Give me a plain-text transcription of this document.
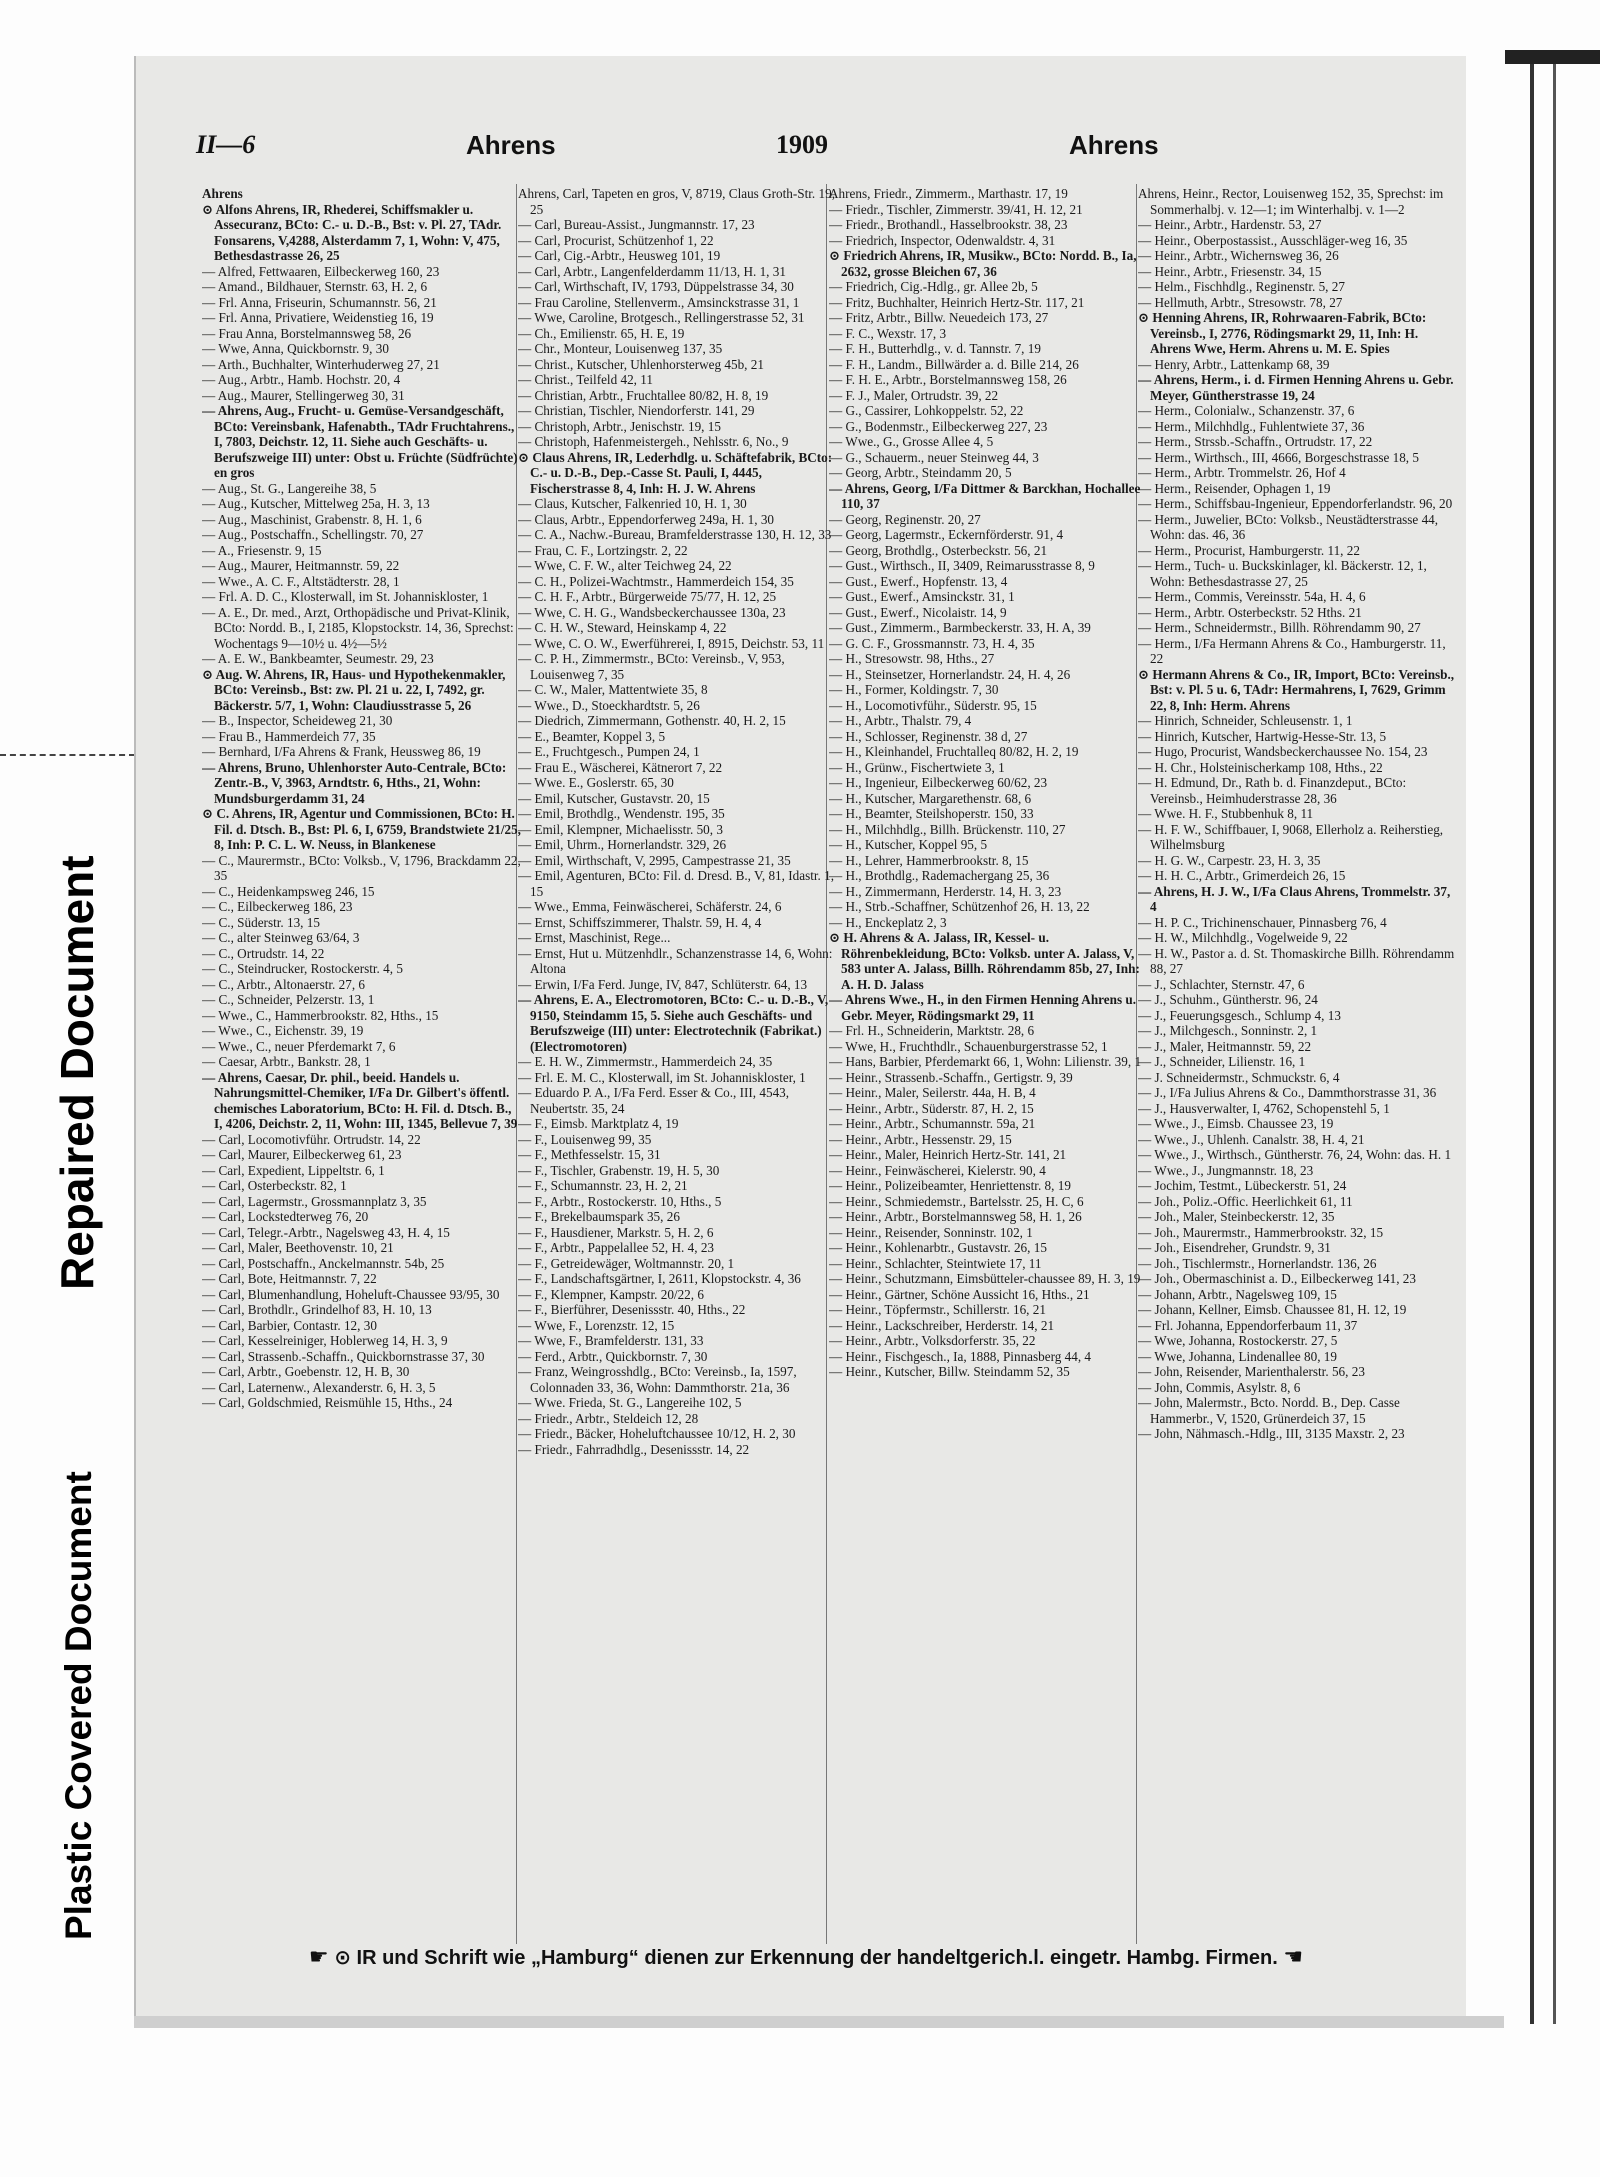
Repaired Document
Plastic Covered Document
II—6	Ahrens	1909	Ahrens

Ahrens

⊙ Alfons Ahrens, IR, Rhederei, Schiffsmakler u. Assecuranz, BCto: C.- u. D.-B., Bst: v. Pl. 27, TAdr. Fonsarens, V,4288, Alsterdamm 7, 1, Wohn: V, 475, Bethesdastrasse 26, 25

— Alfred, Fettwaaren, Eilbeckerweg 160, 23

— Amand., Bildhauer, Sternstr. 63, H. 2, 6

— Frl. Anna, Friseurin, Schumannstr. 56, 21

— Frl. Anna, Privatiere, Weidenstieg 16, 19

— Frau Anna, Borstelmannsweg 58, 26

— Wwe, Anna, Quickbornstr. 9, 30

— Arth., Buchhalter, Winterhuderweg 27, 21

— Aug., Arbtr., Hamb. Hochstr. 20, 4

— Aug., Maurer, Stellingerweg 30, 31

— Ahrens, Aug., Frucht- u. Gemüse-Versandgeschäft, BCto: Vereinsbank, Hafenabth., TAdr Fruchtahrens., I, 7803, Deichstr. 12, 11. Siehe auch Geschäfts- u. Berufszweige III) unter: Obst u. Früchte (Südfrüchte) en gros

— Aug., St. G., Langereihe 38, 5

— Aug., Kutscher, Mittelweg 25a, H. 3, 13

— Aug., Maschinist, Grabenstr. 8, H. 1, 6

— Aug., Postschaffn., Schellingstr. 70, 27

— A., Friesenstr. 9, 15

— Aug., Maurer, Heitmannstr. 59, 22

— Wwe., A. C. F., Altstädterstr. 28, 1

— Frl. A. D. C., Klosterwall, im St. Johanniskloster, 1

— A. E., Dr. med., Arzt, Orthopädische und Privat-Klinik, BCto: Nordd. B., I, 2185, Klopstockstr. 14, 36, Sprechst: Wochentags 9—10½ u. 4½—5½

— A. E. W., Bankbeamter, Seumestr. 29, 23

⊙ Aug. W. Ahrens, IR, Haus- und Hypothekenmakler, BCto: Vereinsb., Bst: zw. Pl. 21 u. 22, I, 7492, gr. Bäckerstr. 5/7, 1, Wohn: Claudiusstrasse 5, 26

— B., Inspector, Scheideweg 21, 30

— Frau B., Hammerdeich 77, 35

— Bernhard, I/Fa Ahrens & Frank, Heussweg 86, 19

— Ahrens, Bruno, Uhlenhorster Auto-Centrale, BCto: Zentr.-B., V, 3963, Arndtstr. 6, Hths., 21, Wohn: Mundsburgerdamm 31, 24

⊙ C. Ahrens, IR, Agentur und Commissionen, BCto: H. Fil. d. Dtsch. B., Bst: Pl. 6, I, 6759, Brandstwiete 21/25, 8, Inh: P. C. L. W. Neuss, in Blankenese

— C., Maurermstr., BCto: Volksb., V, 1796, Brackdamm 22, 35

— C., Heidenkampsweg 246, 15

— C., Eilbeckerweg 186, 23

— C., Süderstr. 13, 15

— C., alter Steinweg 63/64, 3

— C., Ortrudstr. 14, 22

— C., Steindrucker, Rostockerstr. 4, 5

— C., Arbtr., Altonaerstr. 27, 6

— C., Schneider, Pelzerstr. 13, 1

— Wwe., C., Hammerbrookstr. 82, Hths., 15

— Wwe., C., Eichenstr. 39, 19

— Wwe., C., neuer Pferdemarkt 7, 6

— Caesar, Arbtr., Bankstr. 28, 1

— Ahrens, Caesar, Dr. phil., beeid. Handels u. Nahrungsmittel-Chemiker, I/Fa Dr. Gilbert's öffentl. chemisches Laboratorium, BCto: H. Fil. d. Dtsch. B., I, 4206, Deichstr. 2, 11, Wohn: III, 1345, Bellevue 7, 39

— Carl, Locomotivführ. Ortrudstr. 14, 22

— Carl, Maurer, Eilbeckerweg 61, 23

— Carl, Expedient, Lippeltstr. 6, 1

— Carl, Osterbeckstr. 82, 1

— Carl, Lagermstr., Grossmannplatz 3, 35

— Carl, Lockstedterweg 76, 20

— Carl, Telegr.-Arbtr., Nagelsweg 43, H. 4, 15

— Carl, Maler, Beethovenstr. 10, 21

— Carl, Postschaffn., Anckelmannstr. 54b, 25

— Carl, Bote, Heitmannstr. 7, 22

— Carl, Blumenhandlung, Hoheluft-Chaussee 93/95, 30

— Carl, Brothdlr., Grindelhof 83, H. 10, 13

— Carl, Barbier, Contastr. 12, 30

— Carl, Kesselreiniger, Hoblerweg 14, H. 3, 9

— Carl, Strassenb.-Schaffn., Quickbornstrasse 37, 30

— Carl, Arbtr., Goebenstr. 12, H. B, 30

— Carl, Laternenw., Alexanderstr. 6, H. 3, 5

— Carl, Goldschmied, Reismühle 15, Hths., 24

Ahrens, Carl, Tapeten en gros, V, 8719, Claus Groth-Str. 19, 25

— Carl, Bureau-Assist., Jungmannstr. 17, 23

— Carl, Procurist, Schützenhof 1, 22

— Carl, Cig.-Arbtr., Heusweg 101, 19

— Carl, Arbtr., Langenfelderdamm 11/13, H. 1, 31

— Carl, Wirthschaft, IV, 1793, Düppelstrasse 34, 30

— Frau Caroline, Stellenverm., Amsinckstrasse 31, 1

— Wwe, Caroline, Brotgesch., Rellingerstrasse 52, 31

— Ch., Emilienstr. 65, H. E, 19

— Chr., Monteur, Louisenweg 137, 35

— Christ., Kutscher, Uhlenhorsterweg 45b, 21

— Christ., Teilfeld 42, 11

— Christian, Arbtr., Fruchtallee 80/82, H. 8, 19

— Christian, Tischler, Niendorferstr. 141, 29

— Christoph, Arbtr., Jenischstr. 19, 15

— Christoph, Hafenmeistergeh., Nehlsstr. 6, No., 9

⊙ Claus Ahrens, IR, Lederhdlg. u. Schäftefabrik, BCto: C.- u. D.-B., Dep.-Casse St. Pauli, I, 4445, Fischerstrasse 8, 4, Inh: H. J. W. Ahrens

— Claus, Kutscher, Falkenried 10, H. 1, 30

— Claus, Arbtr., Eppendorferweg 249a, H. 1, 30

— C. A., Nachw.-Bureau, Bramfelderstrasse 130, H. 12, 33

— Frau, C. F., Lortzingstr. 2, 22

— Wwe, C. F. W., alter Teichweg 24, 22

— C. H., Polizei-Wachtmstr., Hammerdeich 154, 35

— C. H. F., Arbtr., Bürgerweide 75/77, H. 12, 25

— Wwe, C. H. G., Wandsbeckerchaussee 130a, 23

— C. H. W., Steward, Heinskamp 4, 22

— Wwe, C. O. W., Ewerführerei, I, 8915, Deichstr. 53, 11

— C. P. H., Zimmermstr., BCto: Vereinsb., V, 953, Louisenweg 7, 35

— C. W., Maler, Mattentwiete 35, 8

— Wwe., D., Stoeckhardtstr. 5, 26

— Diedrich, Zimmermann, Gothenstr. 40, H. 2, 15

— E., Beamter, Koppel 3, 5

— E., Fruchtgesch., Pumpen 24, 1

— Frau E., Wäscherei, Kätnerort 7, 22

— Wwe. E., Goslerstr. 65, 30

— Emil, Kutscher, Gustavstr. 20, 15

— Emil, Brothdlg., Wendenstr. 195, 35

— Emil, Klempner, Michaelisstr. 50, 3

— Emil, Uhrm., Hornerlandstr. 329, 26

— Emil, Wirthschaft, V, 2995, Campestrasse 21, 35

— Emil, Agenturen, BCto: Fil. d. Dresd. B., V, 81, Idastr. 1, 15

— Wwe., Emma, Feinwäscherei, Schäferstr. 24, 6

— Ernst, Schiffszimmerer, Thalstr. 59, H. 4, 4

— Ernst, Maschinist, Rege...

— Ernst, Hut u. Mützenhdlr., Schanzenstrasse 14, 6, Wohn: Altona

— Erwin, I/Fa Ferd. Junge, IV, 847, Schlüterstr. 64, 13

— Ahrens, E. A., Electromotoren, BCto: C.- u. D.-B., V, 9150, Steindamm 15, 5. Siehe auch Geschäfts- und Berufszweige (III) unter: Electrotechnik (Fabrikat.) (Electromotoren)

— E. H. W., Zimmermstr., Hammerdeich 24, 35

— Frl. E. M. C., Klosterwall, im St. Johanniskloster, 1

— Eduardo P. A., I/Fa Ferd. Esser & Co., III, 4543, Neubertstr. 35, 24

— F., Eimsb. Marktplatz 4, 19

— F., Louisenweg 99, 35

— F., Methfesselstr. 15, 31

— F., Tischler, Grabenstr. 19, H. 5, 30

— F., Schumannstr. 23, H. 2, 21

— F., Arbtr., Rostockerstr. 10, Hths., 5

— F., Brekelbaumspark 35, 26

— F., Hausdiener, Markstr. 5, H. 2, 6

— F., Arbtr., Pappelallee 52, H. 4, 23

— F., Getreidewäger, Woltmannstr. 20, 1

— F., Landschaftsgärtner, I, 2611, Klopstockstr. 4, 36

— F., Klempner, Kampstr. 20/22, 6

— F., Bierführer, Desenissstr. 40, Hths., 22

— Wwe, F., Lorenzstr. 12, 15

— Wwe, F., Bramfelderstr. 131, 33

— Ferd., Arbtr., Quickbornstr. 7, 30

— Franz, Weingrosshdlg., BCto: Vereinsb., Ia, 1597, Colonnaden 33, 36, Wohn: Dammthorstr. 21a, 36

— Wwe. Frieda, St. G., Langereihe 102, 5

— Friedr., Arbtr., Steldeich 12, 28

— Friedr., Bäcker, Hoheluftchaussee 10/12, H. 2, 30

— Friedr., Fahrradhdlg., Desenissstr. 14, 22

Ahrens, Friedr., Zimmerm., Marthastr. 17, 19

— Friedr., Tischler, Zimmerstr. 39/41, H. 12, 21

— Friedr., Brothandl., Hasselbrookstr. 38, 23

— Friedrich, Inspector, Odenwaldstr. 4, 31

⊙ Friedrich Ahrens, IR, Musikw., BCto: Nordd. B., Ia, 2632, grosse Bleichen 67, 36

— Friedrich, Cig.-Hdlg., gr. Allee 2b, 5

— Fritz, Buchhalter, Heinrich Hertz-Str. 117, 21

— Fritz, Arbtr., Billw. Neuedeich 173, 27

— F. C., Wexstr. 17, 3

— F. H., Butterhdlg., v. d. Tannstr. 7, 19

— F. H., Landm., Billwärder a. d. Bille 214, 26

— F. H. E., Arbtr., Borstelmannsweg 158, 26

— F. J., Maler, Ortrudstr. 39, 22

— G., Cassirer, Lohkoppelstr. 52, 22

— G., Bodenmstr., Eilbeckerweg 227, 23

— Wwe., G., Grosse Allee 4, 5

— G., Schauerm., neuer Steinweg 44, 3

— Georg, Arbtr., Steindamm 20, 5

— Ahrens, Georg, I/Fa Dittmer & Barckhan, Hochallee 110, 37

— Georg, Reginenstr. 20, 27

— Georg, Lagermstr., Eckernförderstr. 91, 4

— Georg, Brothdlg., Osterbeckstr. 56, 21

— Gust., Wirthsch., II, 3409, Reimarusstrasse 8, 9

— Gust., Ewerf., Hopfenstr. 13, 4

— Gust., Ewerf., Amsinckstr. 31, 1

— Gust., Ewerf., Nicolaistr. 14, 9

— Gust., Zimmerm., Barmbeckerstr. 33, H. A, 39

— G. C. F., Grossmannstr. 73, H. 4, 35

— H., Stresowstr. 98, Hths., 27

— H., Steinsetzer, Hornerlandstr. 24, H. 4, 26

— H., Former, Koldingstr. 7, 30

— H., Locomotivführ., Süderstr. 95, 15

— H., Arbtr., Thalstr. 79, 4

— H., Schlosser, Reginenstr. 38 d, 27

— H., Kleinhandel, Fruchtalleq 80/82, H. 2, 19

— H., Grünw., Fischertwiete 3, 1

— H., Ingenieur, Eilbeckerweg 60/62, 23

— H., Kutscher, Margarethenstr. 68, 6

— H., Beamter, Steilshoperstr. 150, 33

— H., Milchhdlg., Billh. Brückenstr. 110, 27

— H., Kutscher, Koppel 95, 5

— H., Lehrer, Hammerbrookstr. 8, 15

— H., Brothdlg., Rademachergang 25, 36

— H., Zimmermann, Herderstr. 14, H. 3, 23

— H., Strb.-Schaffner, Schützenhof 26, H. 13, 22

— H., Enckeplatz 2, 3

⊙ H. Ahrens & A. Jalass, IR, Kessel- u. Röhrenbekleidung, BCto: Volksb. unter A. Jalass, V, 583 unter A. Jalass, Billh. Röhrendamm 85b, 27, Inh: A. H. D. Jalass

— Ahrens Wwe., H., in den Firmen Henning Ahrens u. Gebr. Meyer, Rödingsmarkt 29, 11

— Frl. H., Schneiderin, Marktstr. 28, 6

— Wwe, H., Fruchthdlr., Schauenburgerstrasse 52, 1

— Hans, Barbier, Pferdemarkt 66, 1, Wohn: Lilienstr. 39, 1

— Heinr., Strassenb.-Schaffn., Gertigstr. 9, 39

— Heinr., Maler, Seilerstr. 44a, H. B, 4

— Heinr., Arbtr., Süderstr. 87, H. 2, 15

— Heinr., Arbtr., Schumannstr. 59a, 21

— Heinr., Arbtr., Hessenstr. 29, 15

— Heinr., Maler, Heinrich Hertz-Str. 141, 21

— Heinr., Feinwäscherei, Kielerstr. 90, 4

— Heinr., Polizeibeamter, Henriettenstr. 8, 19

— Heinr., Schmiedemstr., Bartelsstr. 25, H. C, 6

— Heinr., Arbtr., Borstelmannsweg 58, H. 1, 26

— Heinr., Reisender, Sonninstr. 102, 1

— Heinr., Kohlenarbtr., Gustavstr. 26, 15

— Heinr., Schlachter, Steintwiete 17, 11

— Heinr., Schutzmann, Eimsbütteler-chaussee 89, H. 3, 19

— Heinr., Gärtner, Schöne Aussicht 16, Hths., 21

— Heinr., Töpfermstr., Schillerstr. 16, 21

— Heinr., Lackschreiber, Herderstr. 14, 21

— Heinr., Arbtr., Volksdorferstr. 35, 22

— Heinr., Fischgesch., Ia, 1888, Pinnasberg 44, 4

— Heinr., Kutscher, Billw. Steindamm 52, 35

Ahrens, Heinr., Rector, Louisenweg 152, 35, Sprechst: im Sommerhalbj. v. 12—1; im Winterhalbj. v. 1—2

— Heinr., Arbtr., Hardenstr. 53, 27

— Heinr., Oberpostassist., Ausschläger-weg 16, 35

— Heinr., Arbtr., Wichernsweg 36, 26

— Heinr., Arbtr., Friesenstr. 34, 15

— Helm., Fischhdlg., Reginenstr. 5, 27

— Hellmuth, Arbtr., Stresowstr. 78, 27

⊙ Henning Ahrens, IR, Rohrwaaren-Fabrik, BCto: Vereinsb., I, 2776, Rödingsmarkt 29, 11, Inh: H. Ahrens Wwe, Herm. Ahrens u. M. E. Spies

— Henry, Arbtr., Lattenkamp 68, 39

— Ahrens, Herm., i. d. Firmen Henning Ahrens u. Gebr. Meyer, Güntherstrasse 19, 24

— Herm., Colonialw., Schanzenstr. 37, 6

— Herm., Milchhdlg., Fuhlentwiete 37, 36

— Herm., Strssb.-Schaffn., Ortrudstr. 17, 22

— Herm., Wirthsch., III, 4666, Borgeschstrasse 18, 5

— Herm., Arbtr. Trommelstr. 26, Hof 4

— Herm., Reisender, Ophagen 1, 19

— Herm., Schiffsbau-Ingenieur, Eppendorferlandstr. 96, 20

— Herm., Juwelier, BCto: Volksb., Neustädterstrasse 44, Wohn: das. 46, 36

— Herm., Procurist, Hamburgerstr. 11, 22

— Herm., Tuch- u. Buckskinlager, kl. Bäckerstr. 12, 1, Wohn: Bethesdastrasse 27, 25

— Herm., Commis, Vereinsstr. 54a, H. 4, 6

— Herm., Arbtr. Osterbeckstr. 52 Hths. 21

— Herm., Schneidermstr., Billh. Röhrendamm 90, 27

— Herm., I/Fa Hermann Ahrens & Co., Hamburgerstr. 11, 22

⊙ Hermann Ahrens & Co., IR, Import, BCto: Vereinsb., Bst: v. Pl. 5 u. 6, TAdr: Hermahrens, I, 7629, Grimm 22, 8, Inh: Herm. Ahrens

— Hinrich, Schneider, Schleusenstr. 1, 1

— Hinrich, Kutscher, Hartwig-Hesse-Str. 13, 5

— Hugo, Procurist, Wandsbeckerchaussee No. 154, 23

— H. Chr., Holsteinischerkamp 108, Hths., 22

— H. Edmund, Dr., Rath b. d. Finanzdeput., BCto: Vereinsb., Heimhuderstrasse 28, 36

— Wwe. H. F., Stubbenhuk 8, 11

— H. F. W., Schiffbauer, I, 9068, Ellerholz a. Reiherstieg, Wilhelmsburg

— H. G. W., Carpestr. 23, H. 3, 35

— H. H. C., Arbtr., Grimerdeich 26, 15

— Ahrens, H. J. W., I/Fa Claus Ahrens, Trommelstr. 37, 4

— H. P. C., Trichinenschauer, Pinnasberg 76, 4

— H. W., Milchhdlg., Vogelweide 9, 22

— H. W., Pastor a. d. St. Thomaskirche Billh. Röhrendamm 88, 27

— J., Schlachter, Sternstr. 47, 6

— J., Schuhm., Güntherstr. 96, 24

— J., Feuerungsgesch., Schlump 4, 13

— J., Milchgesch., Sonninstr. 2, 1

— J., Maler, Heitmannstr. 59, 22

— J., Schneider, Lilienstr. 16, 1

— J. Schneidermstr., Schmuckstr. 6, 4

— J., I/Fa Julius Ahrens & Co., Dammthorstrasse 31, 36

— J., Hausverwalter, I, 4762, Schopenstehl 5, 1

— Wwe., J., Eimsb. Chaussee 23, 19

— Wwe., J., Uhlenh. Canalstr. 38, H. 4, 21

— Wwe., J., Wirthsch., Güntherstr. 76, 24, Wohn: das. H. 1

— Wwe., J., Jungmannstr. 18, 23

— Jochim, Testmt., Lübeckerstr. 51, 24

— Joh., Poliz.-Offic. Heerlichkeit 61, 11

— Joh., Maler, Steinbeckerstr. 12, 35

— Joh., Maurermstr., Hammerbrookstr. 32, 15

— Joh., Eisendreher, Grundstr. 9, 31

— Joh., Tischlermstr., Hornerlandstr. 136, 26

— Joh., Obermaschinist a. D., Eilbeckerweg 141, 23

— Johann, Arbtr., Nagelsweg 109, 15

— Johann, Kellner, Eimsb. Chaussee 81, H. 12, 19

— Frl. Johanna, Eppendorferbaum 11, 37

— Wwe, Johanna, Rostockerstr. 27, 5

— Wwe, Johanna, Lindenallee 80, 19

— John, Reisender, Marienthalerstr. 56, 23

— John, Commis, Asylstr. 8, 6

— John, Malermstr., Bcto. Nordd. B., Dep. Casse Hammerbr., V, 1520, Grünerdeich 37, 15

— John, Nähmasch.-Hdlg., III, 3135 Maxstr. 2, 23

☛ ⊙ IR und Schrift wie „Hamburg“ dienen zur Erkennung der handeltgerich.l. eingetr. Hambg. Firmen. ☚
